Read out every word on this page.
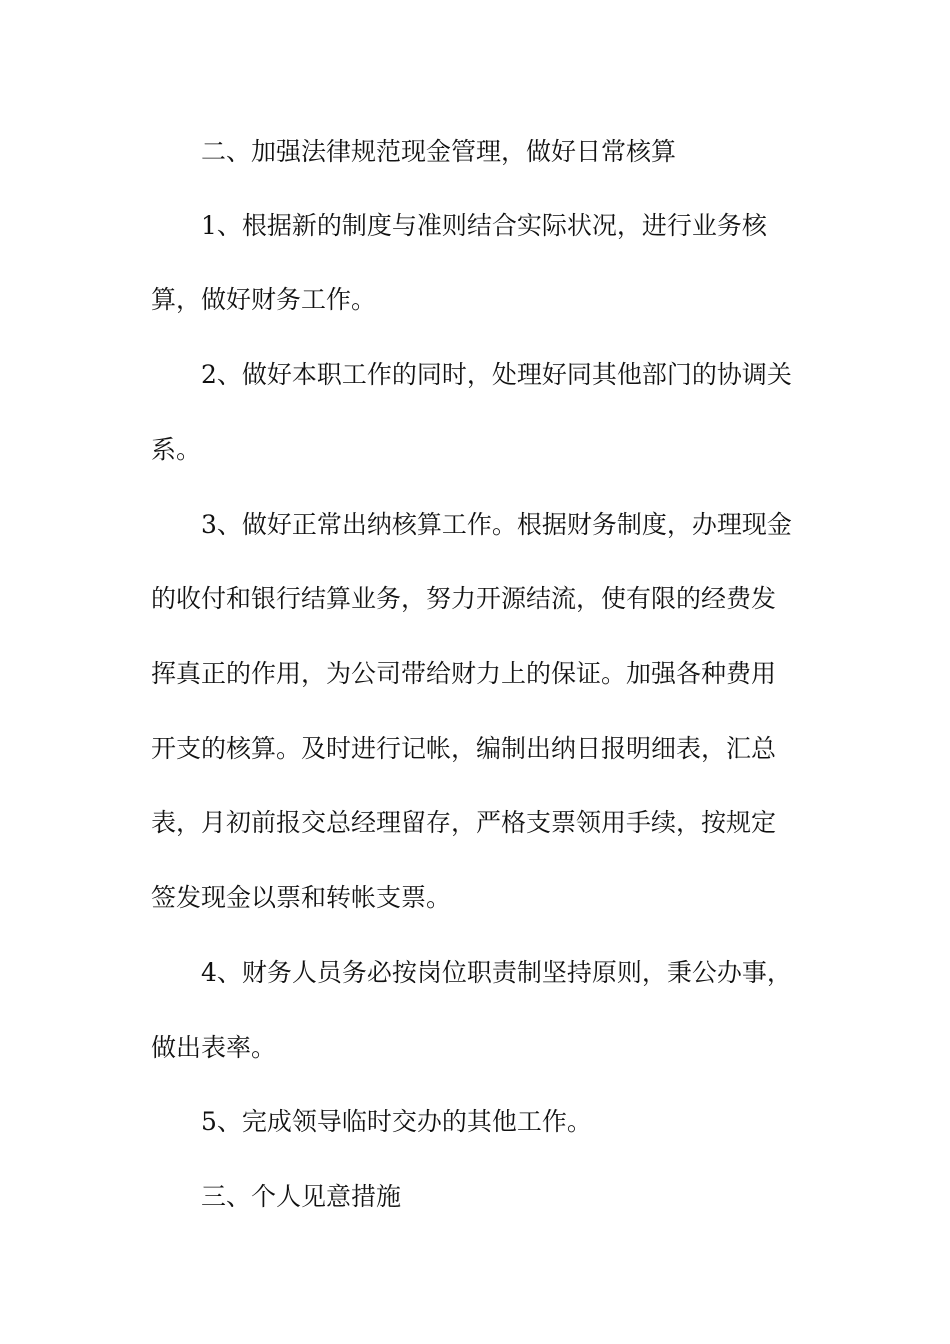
二、加强法律规范现金管理，做好日常核算
1、根据新的制度与准则结合实际状况，进行业务核
算，做好财务工作。
2、做好本职工作的同时，处理好同其他部门的协调关
系。
3、做好正常出纳核算工作。根据财务制度，办理现金
的收付和银行结算业务，努力开源结流，使有限的经费发
挥真正的作用，为公司带给财力上的保证。加强各种费用
开支的核算。及时进行记帐，编制出纳日报明细表，汇总
表，月初前报交总经理留存，严格支票领用手续，按规定
签发现金以票和转帐支票。
4、财务人员务必按岗位职责制坚持原则，秉公办事，
做出表率。
5、完成领导临时交办的其他工作。
三、个人见意措施
